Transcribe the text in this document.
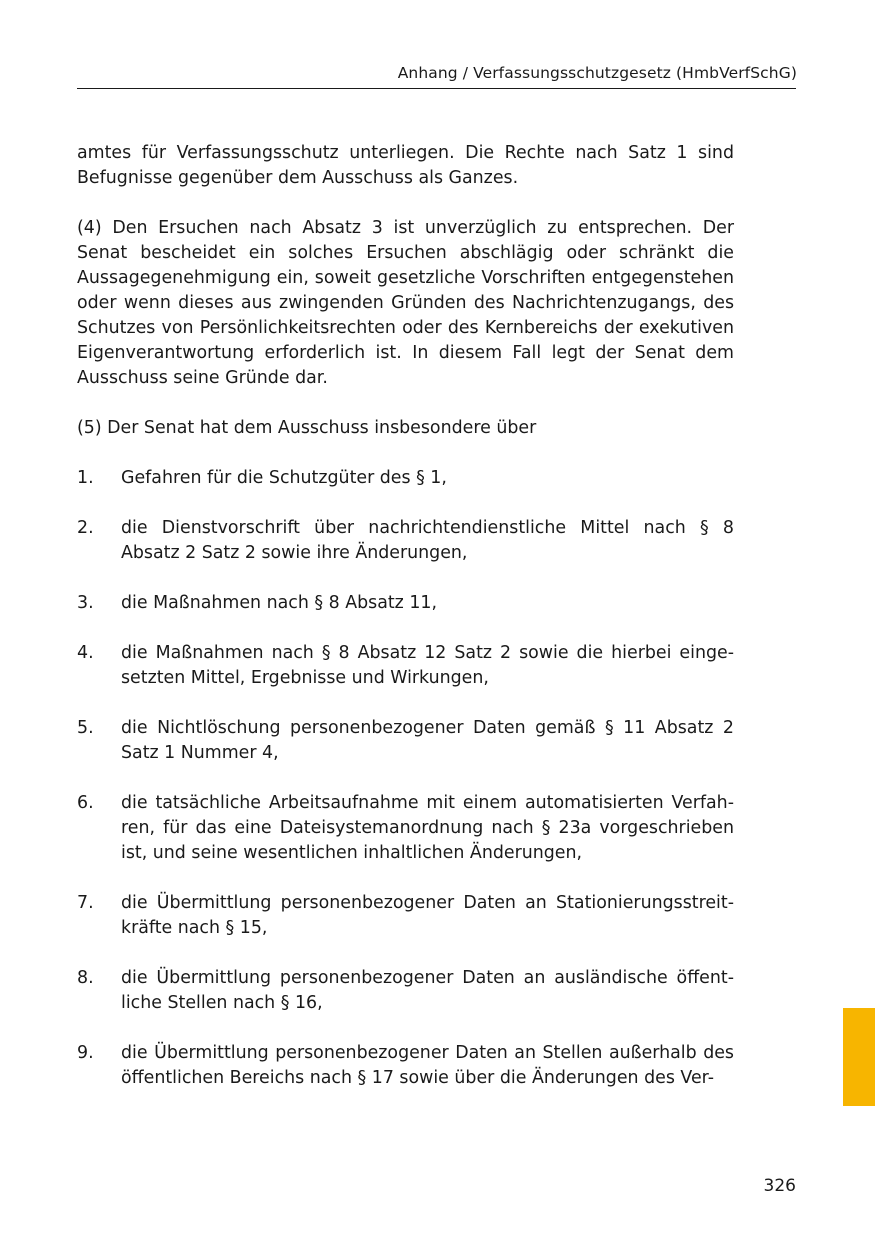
Anhang / Verfassungsschutzgesetz (HmbVerfSchG)

amtes für Verfassungsschutz unterliegen. Die Rechte nach Satz 1 sind Befugnisse gegenüber dem Ausschuss als Ganzes.

(4) Den Ersuchen nach Absatz 3 ist unverzüglich zu entsprechen. Der Senat bescheidet ein solches Ersuchen abschlägig oder schränkt die Aussagegenehmigung ein, soweit gesetzliche Vorschriften entgegenstehen oder wenn dieses aus zwingenden Gründen des Nachrichtenzugangs, des Schutzes von Persönlichkeitsrechten oder des Kernbereichs der exekutiven Eigenverantwortung erforderlich ist. In diesem Fall legt der Senat dem Ausschuss seine Gründe dar.

(5) Der Senat hat dem Ausschuss insbesondere über

1.	Gefahren für die Schutzgüter des § 1,
2.	die Dienstvorschrift über nachrichtendienstliche Mittel nach § 8 Absatz 2 Satz 2 sowie ihre Änderungen,
3.	die Maßnahmen nach § 8 Absatz 11,
4.	die Maßnahmen nach § 8 Absatz 12 Satz 2 sowie die hierbei eingesetzten Mittel, Ergebnisse und Wirkungen,
5.	die Nichtlöschung personenbezogener Daten gemäß § 11 Absatz 2 Satz 1 Nummer 4,
6.	die tatsächliche Arbeitsaufnahme mit einem automatisierten Verfahren, für das eine Dateisystemanordnung nach § 23a vorgeschrieben ist, und seine wesentlichen inhaltlichen Änderungen,
7.	die Übermittlung personenbezogener Daten an Stationierungsstreitkräfte nach § 15,
8.	die Übermittlung personenbezogener Daten an ausländische öffentliche Stellen nach § 16,
9.	die Übermittlung personenbezogener Daten an Stellen außerhalb des öffentlichen Bereichs nach § 17 sowie über die Änderungen des Ver-
326
